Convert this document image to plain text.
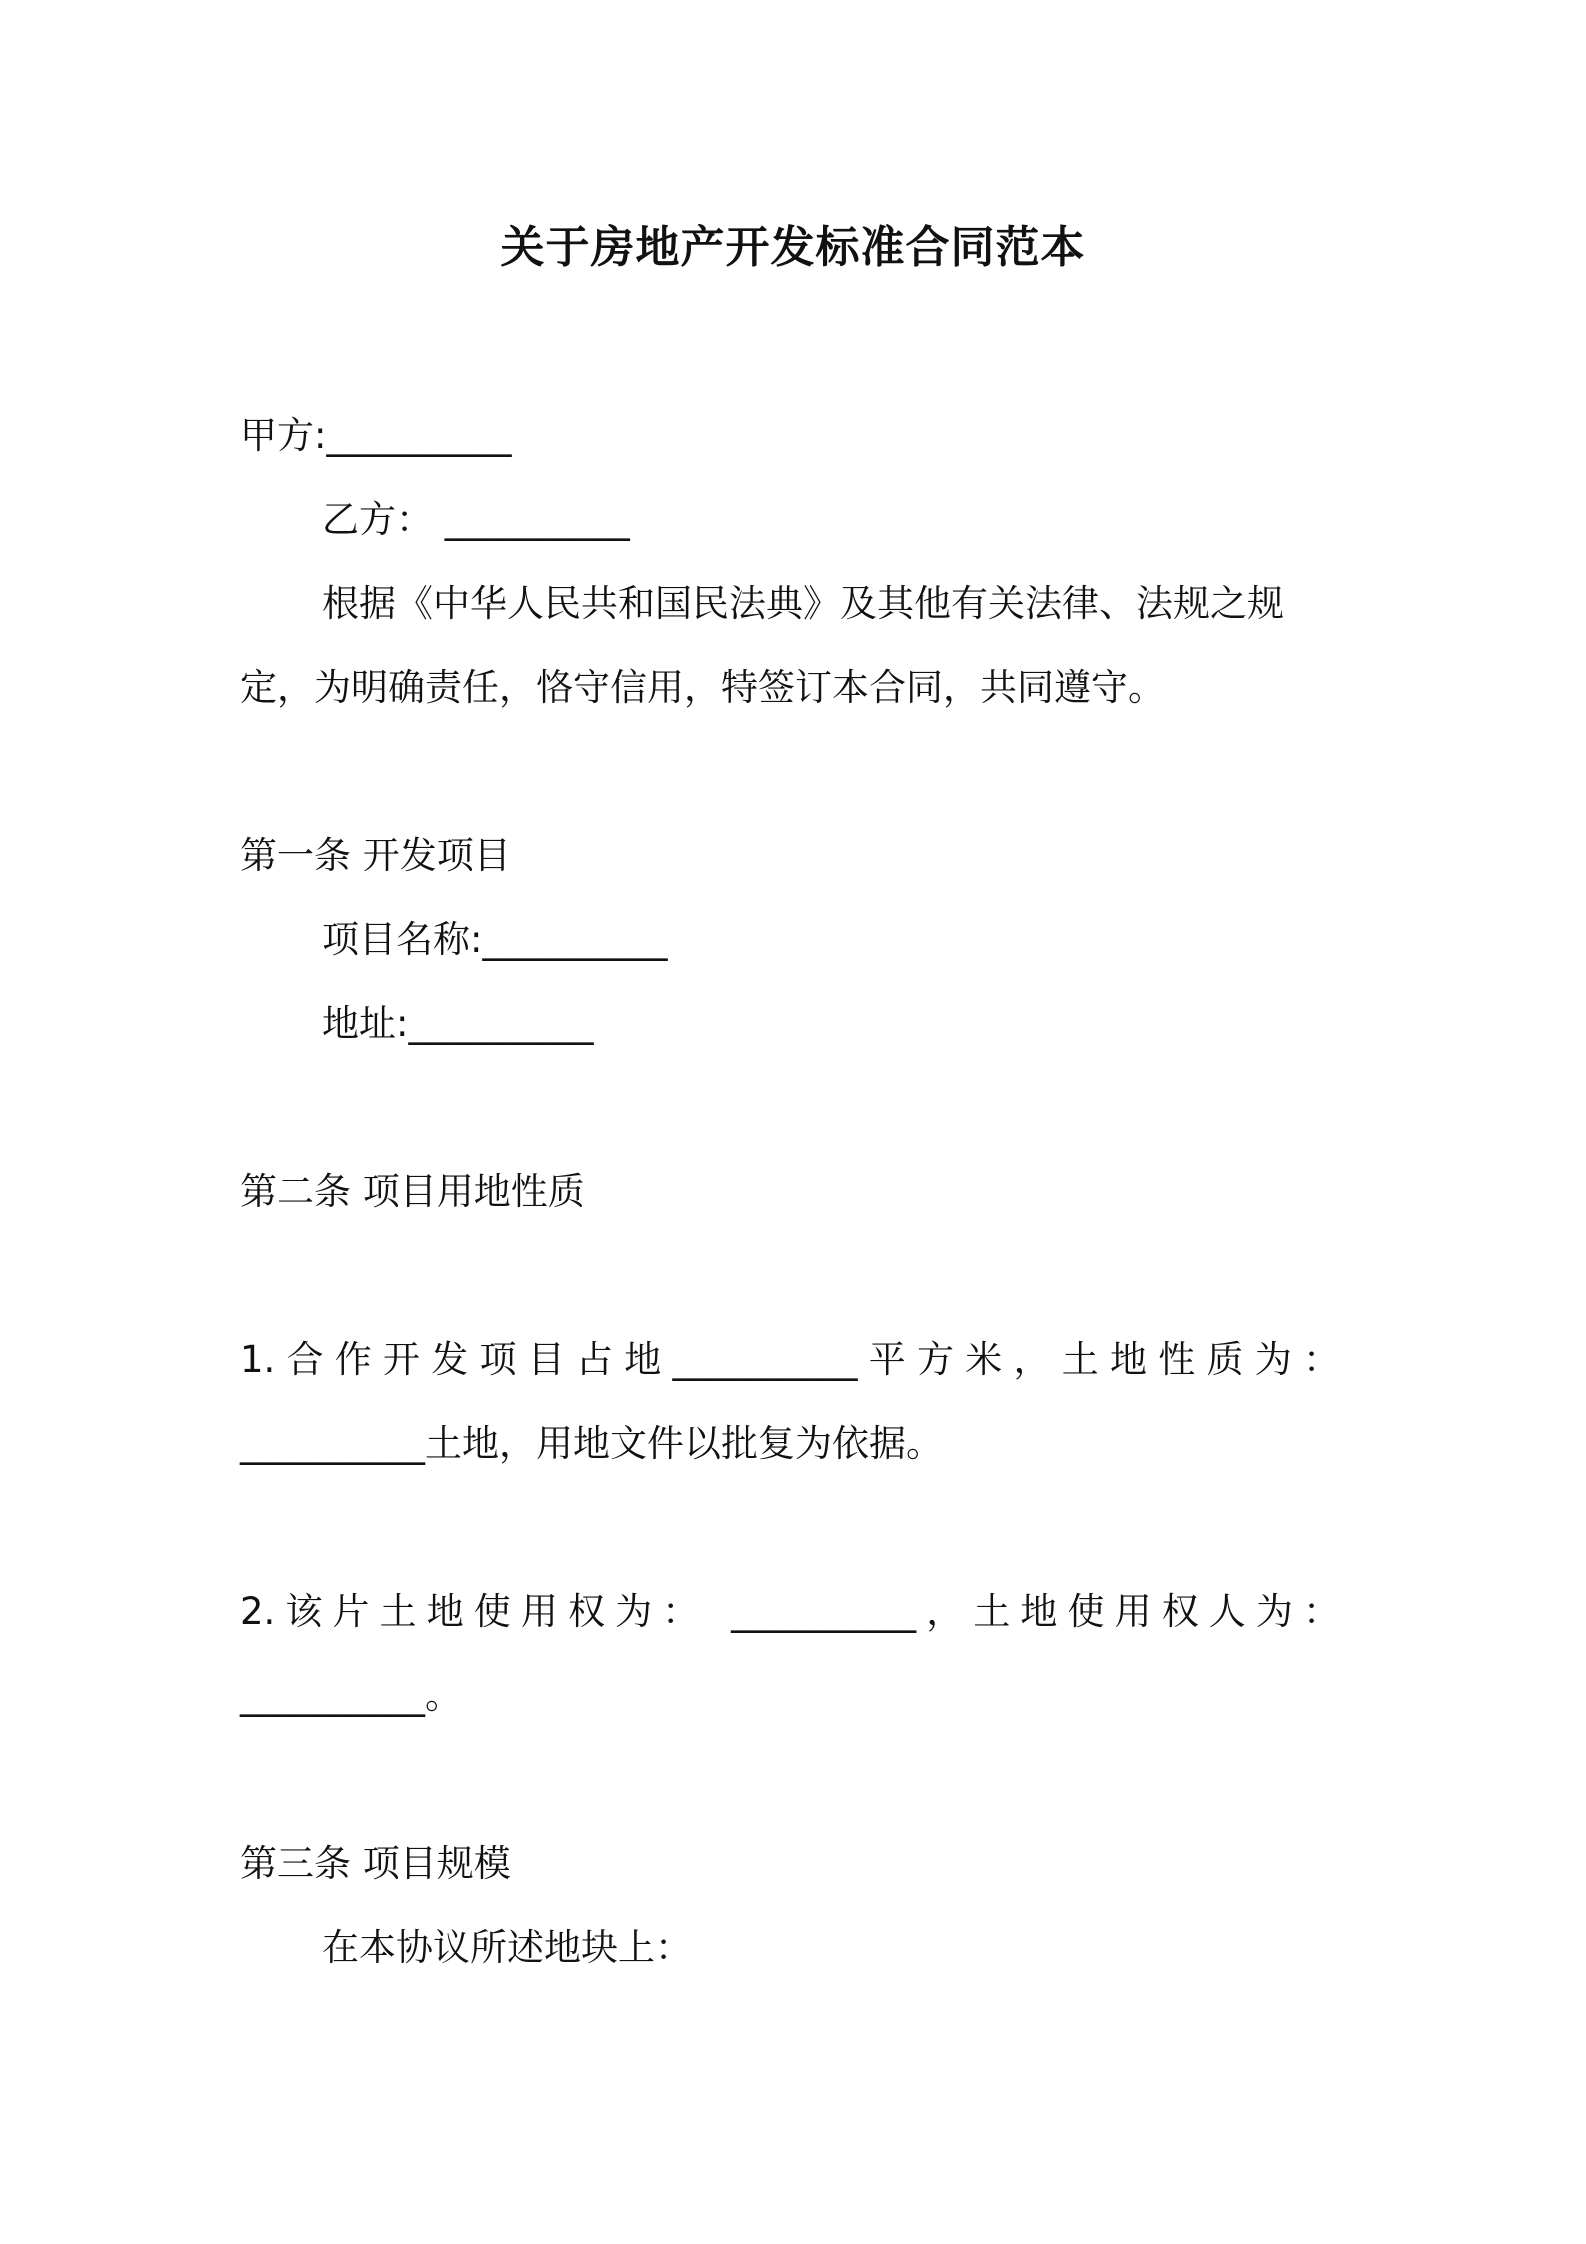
关于房地产开发标准合同范本
甲方:__________
乙方： __________
根据《中华人民共和国民法典》及其他有关法律、法规之规
定，为明确责任，恪守信用，特签订本合同，共同遵守。
第一条 开发项目
项目名称:__________
地址:__________
第二条 项目用地性质
1.合作开发项目占地__________平方米，土地性质为：
__________土地，用地文件以批复为依据。
2.该片土地使用权为： __________，土地使用权人为：
__________。
第三条 项目规模
在本协议所述地块上：
